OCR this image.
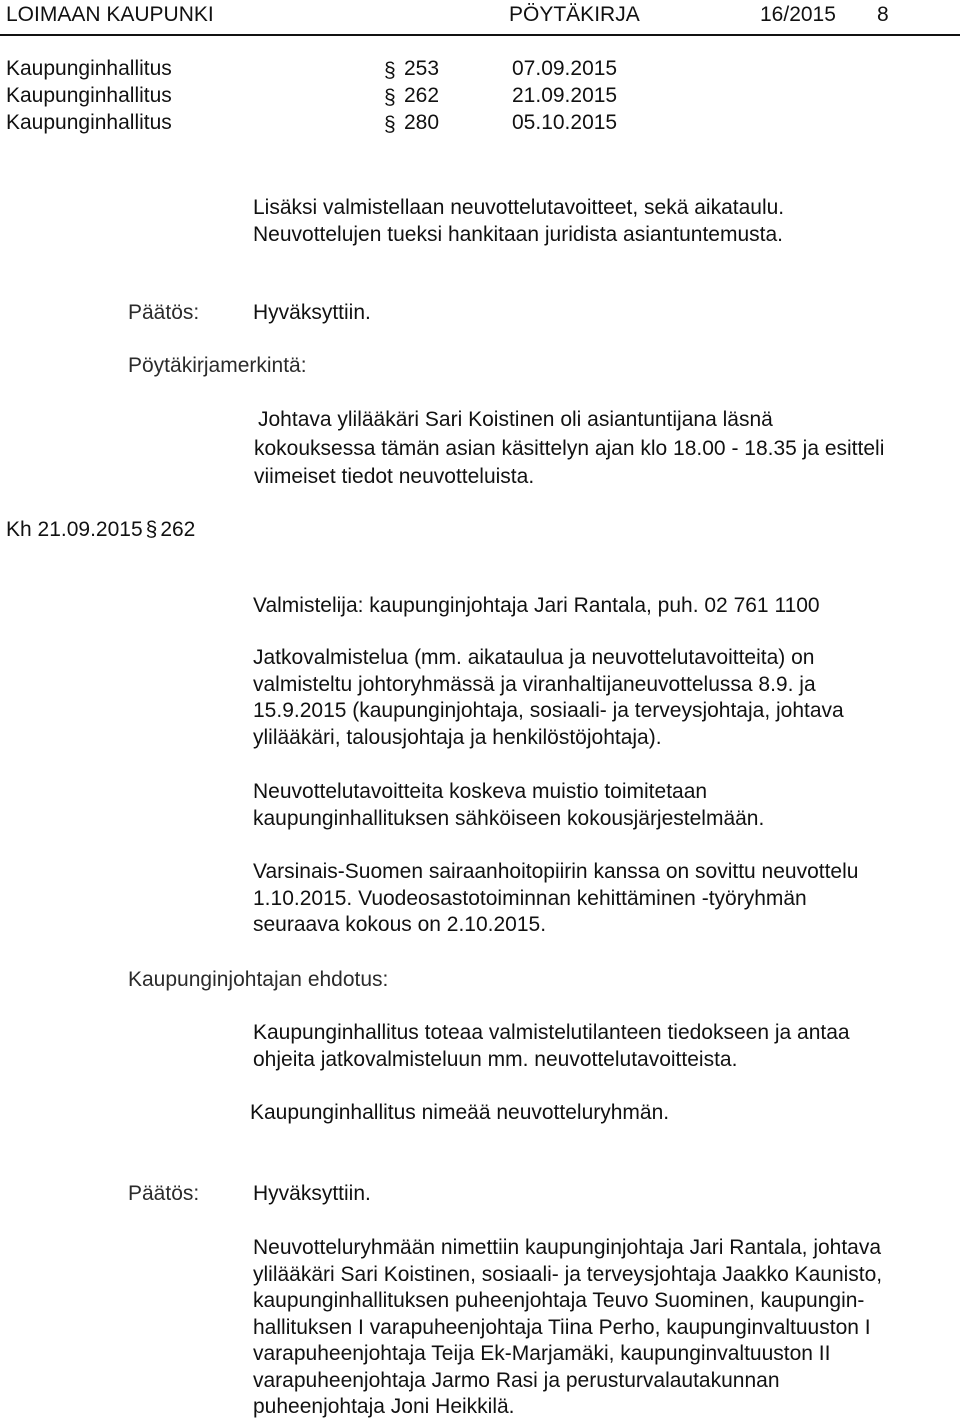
LOIMAAN KAUPUNKI	PÖYTÄKIRJA	16/2015 8
Kaupunginhallitus	§ 253	07.09.2015
Kaupunginhallitus	§ 262	21.09.2015
Kaupunginhallitus	§ 280	05.10.2015
Lisäksi valmistellaan neuvottelutavoitteet, sekä aikataulu.
Neuvottelujen tueksi hankitaan juridista asiantuntemusta.
Päätös:	Hyväksyttiin.
Pöytäkirjamerkintä:
Johtava ylilääkäri Sari Koistinen oli asiantuntijana läsnä
kokouksessa tämän asian käsittelyn ajan klo 18.00 - 18.35 ja esitteli
viimeiset tiedot neuvotteluista.
Kh 21.09.2015 § 262
Valmistelija: kaupunginjohtaja Jari Rantala, puh. 02 761 1100
Jatkovalmistelua (mm. aikataulua ja neuvottelutavoitteita) on
valmisteltu johtoryhmässä ja viranhaltijaneuvottelussa 8.9. ja
15.9.2015 (kaupunginjohtaja, sosiaali- ja terveysjohtaja, johtava
ylilääkäri, talousjohtaja ja henkilöstöjohtaja).
Neuvottelutavoitteita koskeva muistio toimitetaan
kaupunginhallituksen sähköiseen kokousjärjestelmään.
Varsinais-Suomen sairaanhoitopiirin kanssa on sovittu neuvottelu
1.10.2015. Vuodeosastotoiminnan kehittäminen -työryhmän
seuraava kokous on 2.10.2015.
Kaupunginjohtajan ehdotus:
Kaupunginhallitus toteaa valmistelutilanteen tiedokseen ja antaa
ohjeita jatkovalmisteluun mm. neuvottelutavoitteista.
Kaupunginhallitus nimeää neuvotteluryhmän.
Päätös:	Hyväksyttiin.
Neuvotteluryhmään nimettiin kaupunginjohtaja Jari Rantala, johtava
ylilääkäri Sari Koistinen, sosiaali- ja terveysjohtaja Jaakko Kaunisto,
kaupunginhallituksen puheenjohtaja Teuvo Suominen, kaupungin-
hallituksen I varapuheenjohtaja Tiina Perho, kaupunginvaltuuston I
varapuheenjohtaja Teija Ek-Marjamäki, kaupunginvaltuuston II
varapuheenjohtaja Jarmo Rasi ja perusturvalautakunnan
puheenjohtaja Joni Heikkilä.
